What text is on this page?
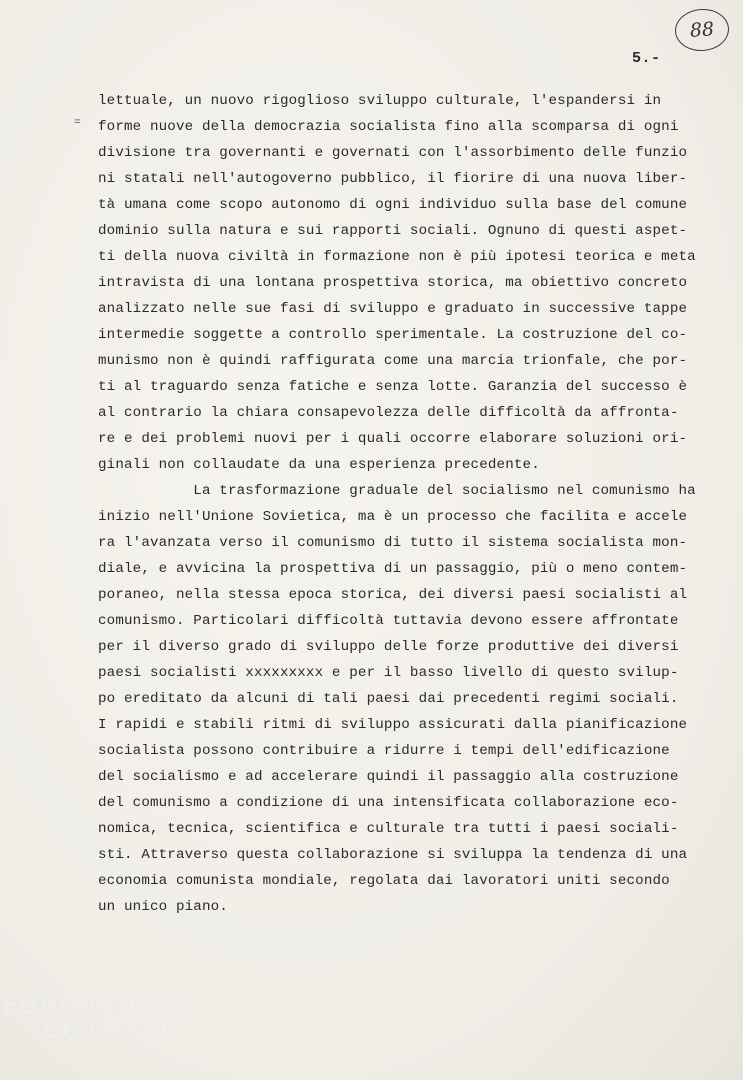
88
5.-
=
lettuale, un nuovo rigoglioso sviluppo culturale, l'espandersi in
forme nuove della democrazia socialista fino alla scomparsa di ogni
divisione tra governanti e governati con l'assorbimento delle funzio
ni statali nell'autogoverno pubblico, il fiorire di una nuova liber-
tà umana come scopo autonomo di ogni individuo sulla base del comune
dominio sulla natura e sui rapporti sociali. Ognuno di questi aspet-
ti della nuova civiltà in formazione non è più ipotesi teorica e meta
intravista di una lontana prospettiva storica, ma obiettivo concreto
analizzato nelle sue fasi di sviluppo e graduato in successive tappe
intermedie soggette a controllo sperimentale. La costruzione del co-
munismo non è quindi raffigurata come una marcia trionfale, che por-
ti al traguardo senza fatiche e senza lotte. Garanzia del successo è
al contrario la chiara consapevolezza delle difficoltà da affronta-
re e dei problemi nuovi per i quali occorre elaborare soluzioni ori-
ginali non collaudate da una esperienza precedente.
La trasformazione graduale del socialismo nel comunismo ha
inizio nell'Unione Sovietica, ma è un processo che facilita e accele
ra l'avanzata verso il comunismo di tutto il sistema socialista mon-
diale, e avvicina la prospettiva di un passaggio, più o meno contem-
poraneo, nella stessa epoca storica, dei diversi paesi socialisti al
comunismo. Particolari difficoltà tuttavia devono essere affrontate
per il diverso grado di sviluppo delle forze produttive dei diversi
paesi socialisti xxxxxxxxx e per il basso livello di questo svilup-
po ereditato da alcuni di tali paesi dai precedenti regimi sociali.
I rapidi e stabili ritmi di sviluppo assicurati dalla pianificazione
socialista possono contribuire a ridurre i tempi dell'edificazione
del socialismo e ad accelerare quindi il passaggio alla costruzione
del comunismo a condizione di una intensificata collaborazione eco-
nomica, tecnica, scientifica e culturale tra tutti i paesi sociali-
sti. Attraverso questa collaborazione si sviluppa la tendenza di una
economia comunista mondiale, regolata dai lavoratori uniti secondo
un unico piano.
FONDAZIONE
GRAMSCI
